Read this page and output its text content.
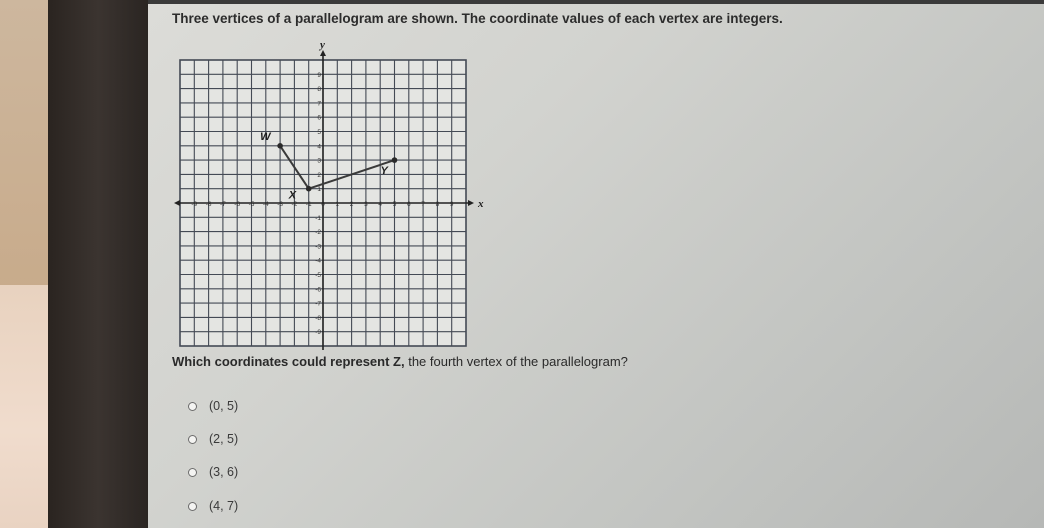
Three vertices of a parallelogram are shown. The coordinate values of each vertex are integers.
x
y
-9 -8 -7 -6 -5 -4 -3 -2 -1 0 1 2 3 4 5 6 7 8 9
9
8
7
6
5
4
3
2
1
-1
-2
-3
-4
-5
-6
-7
-8
-9
W
X
Y
Which coordinates could represent Z, the fourth vertex of the parallelogram?
(0, 5)
(2, 5)
(3, 6)
(4, 7)
